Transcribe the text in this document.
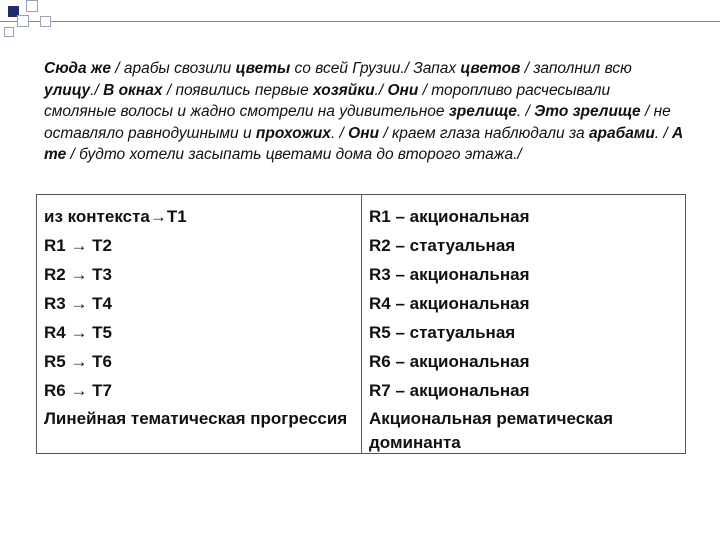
Сюда же / арабы свозили цветы со всей Грузии./ Запах цветов / заполнил всю улицу./ В окнах / появились первые хозяйки./ Они / торопливо расчесывали смоляные волосы и жадно смотрели на удивительное зрелище. / Это зрелище / не оставляло равнодушными и прохожих. / Они / краем глаза наблюдали за арабами. / А те / будто хотели засыпать цветами дома до второго этажа./
из контекста→Т1
R1 → Т2
R2 → Т3
R3 → Т4
R4 → Т5
R5 → Т6
R6 → Т7
Линейная тематическая прогрессия
R1 – акциональная
R2 – статуальная
R3 – акциональная
R4 – акциональная
R5 – статуальная
R6 – акциональная
R7 – акциональная
Акциональная рематическая доминанта
